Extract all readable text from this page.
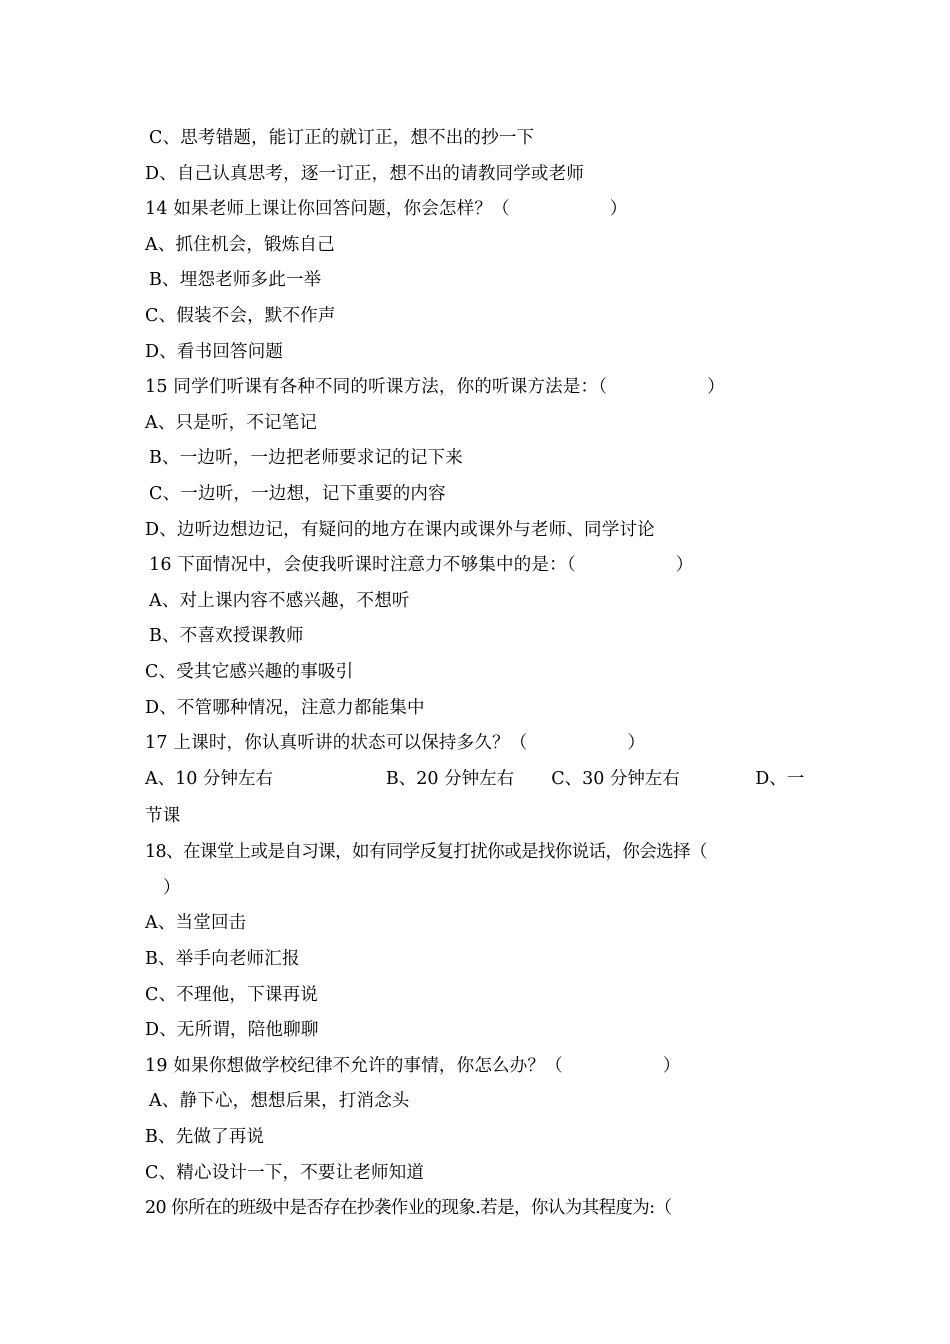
C、思考错题，能订正的就订正，想不出的抄一下
D、自己认真思考，逐一订正，想不出的请教同学或老师
14 如果老师上课让你回答问题，你会怎样？（	）
A、抓住机会，锻炼自己
B、埋怨老师多此一举
C、假装不会，默不作声
D、看书回答问题
15 同学们听课有各种不同的听课方法，你的听课方法是：（	）
A、只是听，不记笔记
B、一边听，一边把老师要求记的记下来
C、一边听，一边想，记下重要的内容
D、边听边想边记，有疑问的地方在课内或课外与老师、同学讨论
16 下面情况中，会使我听课时注意力不够集中的是：（	）
A、对上课内容不感兴趣，不想听
B、不喜欢授课教师
C、受其它感兴趣的事吸引
D、不管哪种情况，注意力都能集中
17 上课时，你认真听讲的状态可以保持多久？（	）
A、10 分钟左右	B、20 分钟左右	C、30 分钟左右	D、一
节课
18、在课堂上或是自习课，如有同学反复打扰你或是找你说话，你会选择（
）
A、当堂回击
B、举手向老师汇报
C、不理他，下课再说
D、无所谓，陪他聊聊
19 如果你想做学校纪律不允许的事情，你怎么办？（	）
A、静下心，想想后果，打消念头
B、先做了再说
C、精心设计一下，不要让老师知道
20 你所在的班级中是否存在抄袭作业的现象.若是，你认为其程度为:（
